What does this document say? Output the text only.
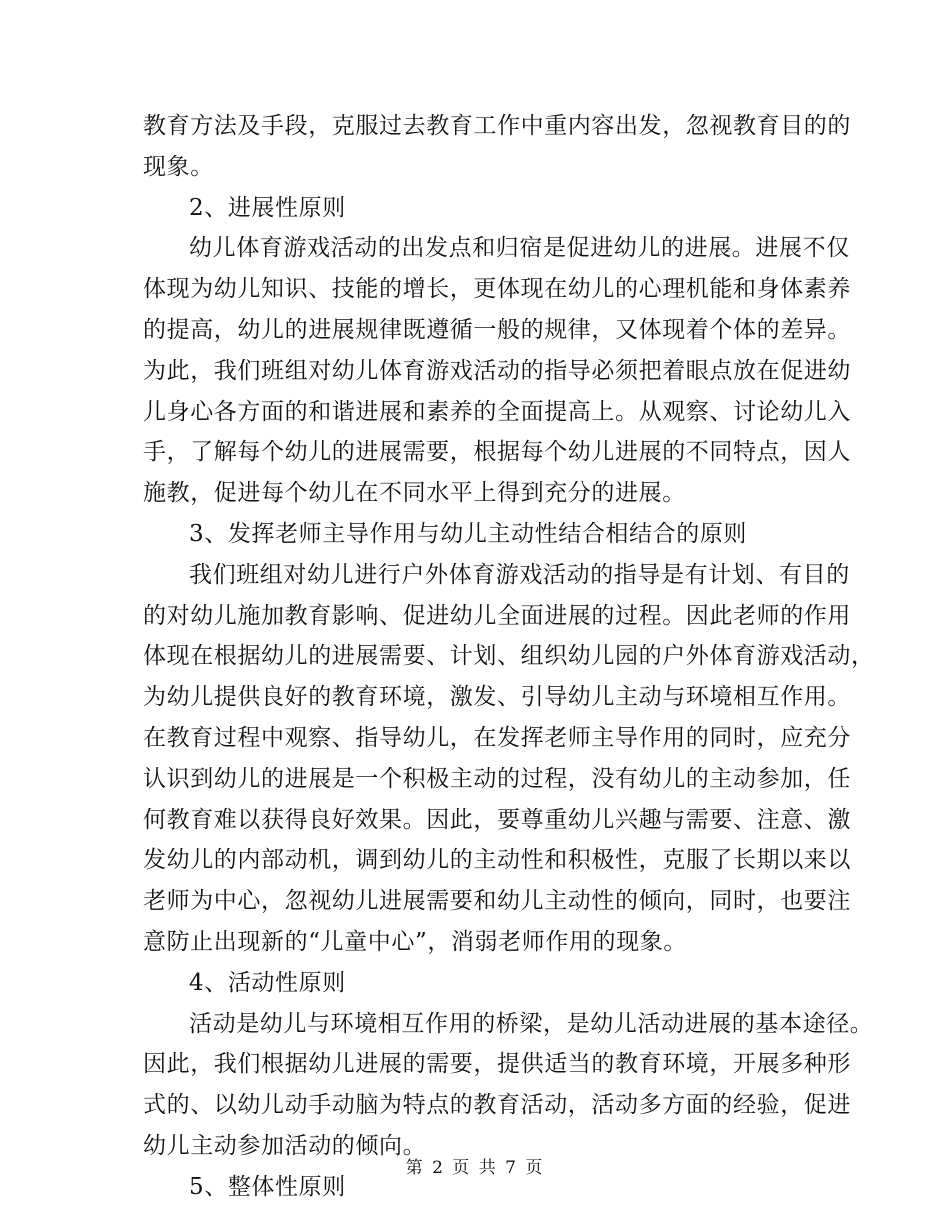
教育方法及手段，克服过去教育工作中重内容出发，忽视教育目的的
现象。
2、进展性原则
幼儿体育游戏活动的出发点和归宿是促进幼儿的进展。进展不仅
体现为幼儿知识、技能的增长，更体现在幼儿的心理机能和身体素养
的提高，幼儿的进展规律既遵循一般的规律，又体现着个体的差异。
为此，我们班组对幼儿体育游戏活动的指导必须把着眼点放在促进幼
儿身心各方面的和谐进展和素养的全面提高上。从观察、讨论幼儿入
手，了解每个幼儿的进展需要，根据每个幼儿进展的不同特点，因人
施教，促进每个幼儿在不同水平上得到充分的进展。
3、发挥老师主导作用与幼儿主动性结合相结合的原则
我们班组对幼儿进行户外体育游戏活动的指导是有计划、有目的
的对幼儿施加教育影响、促进幼儿全面进展的过程。因此老师的作用
体现在根据幼儿的进展需要、计划、组织幼儿园的户外体育游戏活动，
为幼儿提供良好的教育环境，激发、引导幼儿主动与环境相互作用。
在教育过程中观察、指导幼儿，在发挥老师主导作用的同时，应充分
认识到幼儿的进展是一个积极主动的过程，没有幼儿的主动参加，任
何教育难以获得良好效果。因此，要尊重幼儿兴趣与需要、注意、激
发幼儿的内部动机，调到幼儿的主动性和积极性，克服了长期以来以
老师为中心，忽视幼儿进展需要和幼儿主动性的倾向，同时，也要注
意防止出现新的“儿童中心”，消弱老师作用的现象。
4、活动性原则
活动是幼儿与环境相互作用的桥梁，是幼儿活动进展的基本途径。
因此，我们根据幼儿进展的需要，提供适当的教育环境，开展多种形
式的、以幼儿动手动脑为特点的教育活动，活动多方面的经验，促进
幼儿主动参加活动的倾向。
5、整体性原则
第 2 页 共 7 页
